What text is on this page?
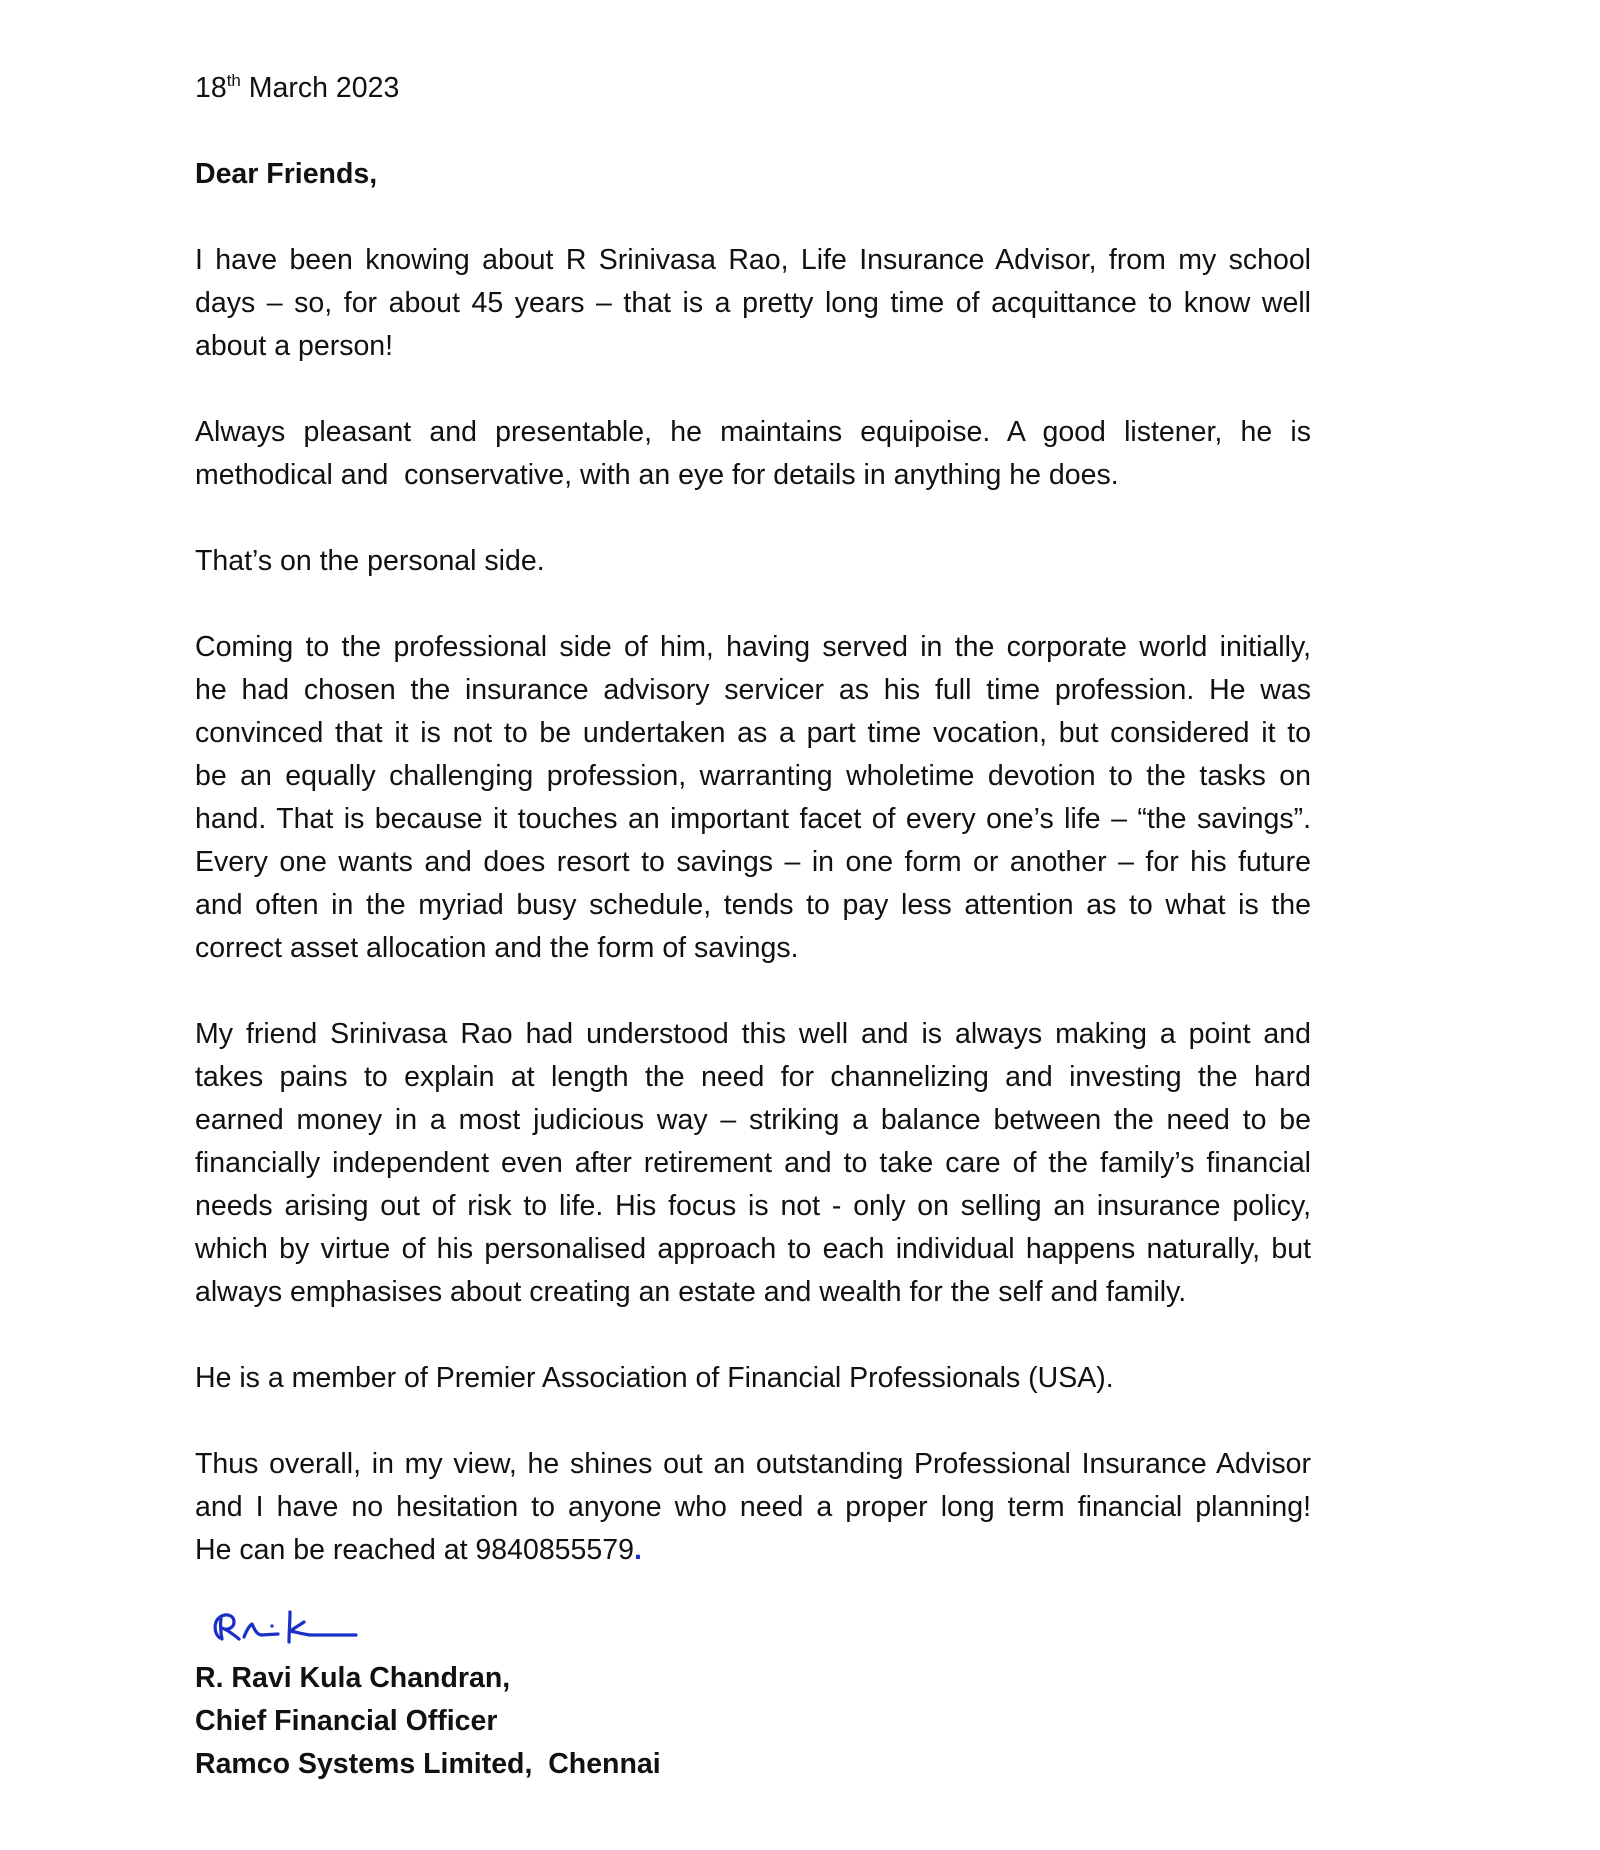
18th March 2023
Dear Friends,
I have been knowing about R Srinivasa Rao, Life Insurance Advisor, from my school
days – so, for about 45 years – that is a pretty long time of acquittance to know well
about a person!
Always pleasant and presentable, he maintains equipoise. A good listener, he is
methodical and  conservative, with an eye for details in anything he does.
That’s on the personal side.
Coming to the professional side of him, having served in the corporate world initially,
he had chosen the insurance advisory servicer as his full time profession. He was
convinced that it is not to be undertaken as a part time vocation, but considered it to
be an equally challenging profession, warranting wholetime devotion to the tasks on
hand. That is because it touches an important facet of every one’s life – “the savings”.
Every one wants and does resort to savings – in one form or another – for his future
and often in the myriad busy schedule, tends to pay less attention as to what is the
correct asset allocation and the form of savings.
My friend Srinivasa Rao had understood this well and is always making a point and
takes pains to explain at length the need for channelizing and investing the hard
earned money in a most judicious way – striking a balance between the need to be
financially independent even after retirement and to take care of the family’s financial
needs arising out of risk to life. His focus is not - only on selling an insurance policy,
which by virtue of his personalised approach to each individual happens naturally, but
always emphasises about creating an estate and wealth for the self and family.
He is a member of Premier Association of Financial Professionals (USA).
Thus overall, in my view, he shines out an outstanding Professional Insurance Advisor
and I have no hesitation to anyone who need a proper long term financial planning!
He can be reached at 9840855579.
R. Ravi Kula Chandran,
Chief Financial Officer
Ramco Systems Limited,  Chennai
